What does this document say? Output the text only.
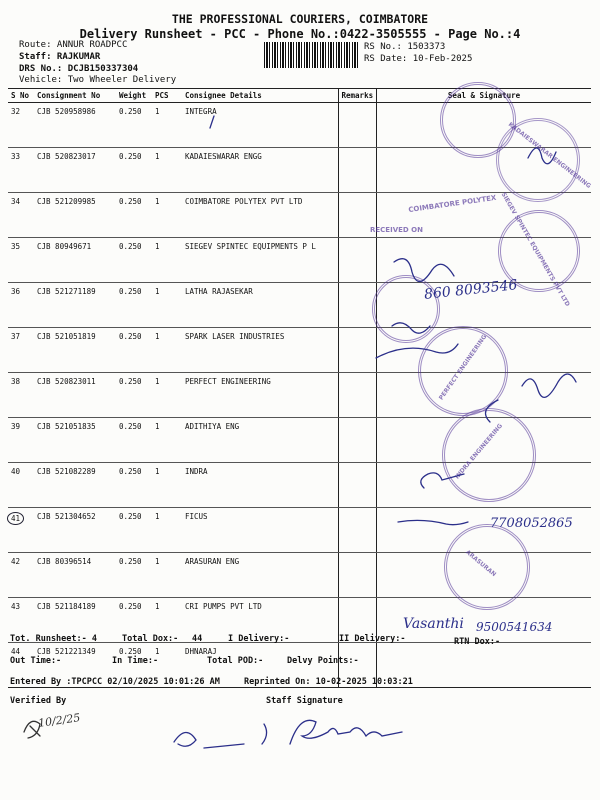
THE PROFESSIONAL COURIERS, COIMBATORE
Delivery Runsheet - PCC - Phone No.:0422-3505555 - Page No.:4
Route: ANNUR ROADPCC
Staff: RAJKUMAR
DRS No.: DCJB150337304
Vehicle: Two Wheeler Delivery
RS No.: 1503373
RS Date: 10-Feb-2025
S No	Consignment No	Weight	PCS	Consignee Details	Remarks	Seal & Signature
32	CJB 520958986	0.250	1	INTEGRA		
33	CJB 520823017	0.250	1	KADAIESWARAR ENGG		
34	CJB 521209985	0.250	1	COIMBATORE POLYTEX PVT LTD		
35	CJB 80949671	0.250	1	SIEGEV SPINTEC EQUIPMENTS P L		
36	CJB 521271189	0.250	1	LATHA RAJASEKAR		
37	CJB 521051819	0.250	1	SPARK LASER INDUSTRIES		
38	CJB 520823011	0.250	1	PERFECT ENGINEERING		
39	CJB 521051835	0.250	1	ADITHIYA ENG		
40	CJB 521082289	0.250	1	INDRA		
41	CJB 521304652	0.250	1	FICUS		
42	CJB 80396514	0.250	1	ARASURAN ENG		
43	CJB 521184189	0.250	1	CRI PUMPS PVT LTD		
44	CJB 521221349	0.250	1	DHNARAJ		
Tot. Runsheet:- 4	Total Dox:- 44	I Delivery:-	II Delivery:-	RTN Dox:-
Out Time:-	In Time:-	Total POD:-	Delvy Points:-
Entered By :TPCPCC 02/10/2025 10:01:26 AM	Reprinted On: 10-02-2025 10:03:21
Verified By	Staff Signature
KADAIESWARAR ENGINEERING
SIEGEV SPINTEC EQUIPMENTS PVT LTD
COIMBATORE POLYTEX
RECEIVED ON
PERFECT ENGINEERING
INDRA ENGINEERING
ARASURAN
860 8093546
Vasanthi 9500541634
7708052865
10/2/25
